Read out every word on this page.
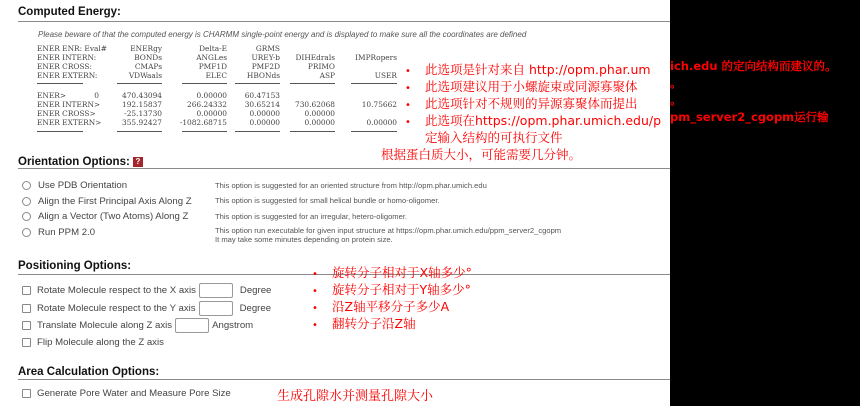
Computed Energy:
Please beware of that the computed energy is CHARMM single-point energy and is displayed to make sure all the coordinates are defined
ENER ENR: Eval#	ENERgy	Delta-E	GRMS
ENER INTERN:	BONDs	ANGLes	UREY-b	DIHEdrals	IMPRopers
ENER CROSS:	CMAPs	PMF1D	PMF2D	PRIMO
ENER EXTERN:	VDWaals	ELEC	HBONds	ASP	USER
ENER>	0	470.43094	0.00000	60.47153
ENER INTERN>	192.15837	266.24332	30.65214	730.62068	10.75662
ENER CROSS>	-25.13730	0.00000	0.00000	0.00000
ENER EXTERN>	355.92427	-1082.68715	0.00000	0.00000	0.00000
Orientation Options: ?
Use PDB Orientation	This option is suggested for an oriented structure from http://opm.phar.umich.edu
Align the First Principal Axis Along Z	This option is suggested for small helical bundle or homo-oligomer.
Align a Vector (Two Atoms) Along Z	This option is suggested for an irregular, hetero-oligomer.
Run PPM 2.0	This option run executable for given input structure at https://opm.phar.umich.edu/ppm_server2_cgopm
It may take some minutes depending on protein size.
Positioning Options:
Rotate Molecule respect to the X axis	Degree
Rotate Molecule respect to the Y axis	Degree
Translate Molecule along Z axis	Angstrom
Flip Molecule along the Z axis
Area Calculation Options:
Generate Pore Water and Measure Pore Size
• 此选项是针对来自 http://opm.phar.um
• 此选项建议用于小螺旋束或同源寡聚体
• 此选项针对不规则的异源寡聚体而提出
• 此选项在https://opm.phar.umich.edu/p
定输入结构的可执行文件
根据蛋白质大小，可能需要几分钟。
• 旋转分子相对于X轴多少°
• 旋转分子相对于Y轴多少°
• 沿Z轴平移分子多少A
• 翻转分子沿Z轴
生成孔隙水并测量孔隙大小
ich.edu 的定向结构而建议的。
。
。
pm_server2_cgopm运行输
